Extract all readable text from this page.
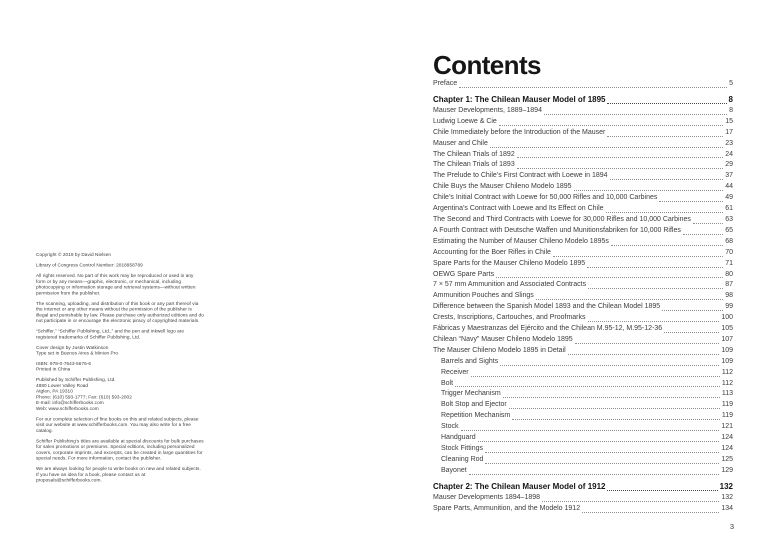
Copyright © 2019 by David Nielsen
Library of Congress Control Number: 2018958789
All rights reserved. No part of this work may be reproduced or used in any form or by any means—graphic, electronic, or mechanical, including photocopying or information storage and retrieval systems—without written permission from the publisher.
The scanning, uploading, and distribution of this book or any part thereof via the Internet or any other means without the permission of the publisher is illegal and punishable by law. Please purchase only authorized editions and do not participate in or encourage the electronic piracy of copyrighted materials.
“Schiffer,” “Schiffer Publishing, Ltd.,” and the pen and inkwell logo are registered trademarks of Schiffer Publishing, Ltd.
Cover design by Justin Watkinson
Type set in Buenos Aires & Minion Pro
ISBN: 978-0-7643-5676-6
Printed in China
Published by Schiffer Publishing, Ltd.
4880 Lower Valley Road
Atglen, PA 19310
Phone: (610) 593-1777; Fax: (610) 593-2002
E-mail: info@schifferbooks.com
Web: www.schifferbooks.com
For our complete selection of fine books on this and related subjects, please visit our website at www.schifferbooks.com. You may also write for a free catalog.
Schiffer Publishing’s titles are available at special discounts for bulk purchases for sales promotions or premiums. Special editions, including personalized covers, corporate imprints, and excerpts, can be created in large quantities for special needs. For more information, contact the publisher.
We are always looking for people to write books on new and related subjects. If you have an idea for a book, please contact us at proposals@schifferbooks.com.
Contents
Preface	5
Chapter 1: The Chilean Mauser Model of 1895	8
Mauser Developments, 1889–1894	8
Ludwig Loewe & Cie	15
Chile Immediately before the Introduction of the Mauser	17
Mauser and Chile	23
The Chilean Trials of 1892	24
The Chilean Trials of 1893	29
The Prelude to Chile’s First Contract with Loewe in 1894	37
Chile Buys the Mauser Chileno Modelo 1895	44
Chile’s Initial Contract with Loewe for 50,000 Rifles and 10,000 Carbines	49
Argentina’s Contract with Loewe and Its Effect on Chile	61
The Second and Third Contracts with Loewe for 30,000 Rifles and 10,000 Carbines	63
A Fourth Contract with Deutsche Waffen und Munitionsfabriken for 10,000 Rifles	65
Estimating the Number of Mauser Chileno Modelo 1895s	68
Accounting for the Boer Rifles in Chile	70
Spare Parts for the Mauser Chileno Modelo 1895	71
OEWG Spare Parts	80
7 × 57 mm Ammunition and Associated Contracts	87
Ammunition Pouches and Slings	98
Difference between the Spanish Model 1893 and the Chilean Model 1895	99
Crests, Inscriptions, Cartouches, and Proofmarks	100
Fábricas y Maestranzas del Ejército and the Chilean M.95-12, M.95-12-36	105
Chilean “Navy” Mauser Chileno Modelo 1895	107
The Mauser Chileno Modelo 1895 in Detail	109
Barrels and Sights	109
Receiver	112
Bolt	112
Trigger Mechanism	113
Bolt Stop and Ejector	119
Repetition Mechanism	119
Stock	121
Handguard	124
Stock Fittings	124
Cleaning Rod	125
Bayonet	129
Chapter 2: The Chilean Mauser Model of 1912	132
Mauser Developments 1894–1898	132
Spare Parts, Ammunition, and the Modelo 1912	134
3
